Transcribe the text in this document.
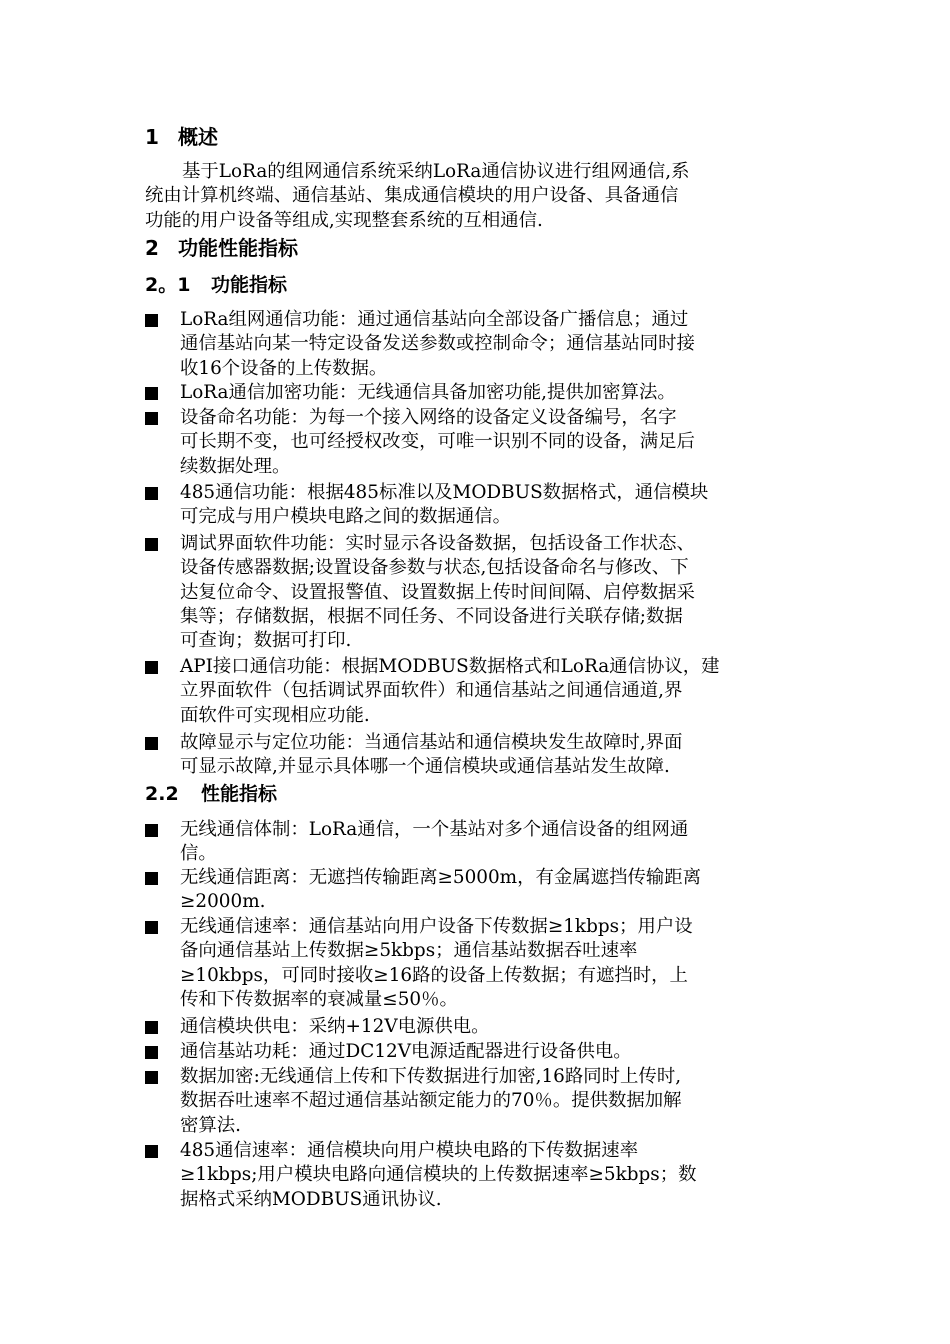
1 概述
基于LoRa的组网通信系统采纳LoRa通信协议进行组网通信,系
统由计算机终端、通信基站、集成通信模块的用户设备、具备通信
功能的用户设备等组成,实现整套系统的互相通信.
2 功能性能指标
2。1 功能指标
LoRa组网通信功能：通过通信基站向全部设备广播信息；通过
通信基站向某一特定设备发送参数或控制命令；通信基站同时接
收16个设备的上传数据。
LoRa通信加密功能：无线通信具备加密功能,提供加密算法。
设备命名功能：为每一个接入网络的设备定义设备编号，名字
可长期不变，也可经授权改变，可唯一识别不同的设备，满足后
续数据处理。
485通信功能：根据485标准以及MODBUS数据格式，通信模块
可完成与用户模块电路之间的数据通信。
调试界面软件功能：实时显示各设备数据，包括设备工作状态、
设备传感器数据;设置设备参数与状态,包括设备命名与修改、下
达复位命令、设置报警值、设置数据上传时间间隔、启停数据采
集等；存储数据，根据不同任务、不同设备进行关联存储;数据
可查询；数据可打印.
API接口通信功能：根据MODBUS数据格式和LoRa通信协议，建
立界面软件（包括调试界面软件）和通信基站之间通信通道,界
面软件可实现相应功能.
故障显示与定位功能：当通信基站和通信模块发生故障时,界面
可显示故障,并显示具体哪一个通信模块或通信基站发生故障.
2.2 性能指标
无线通信体制：LoRa通信，一个基站对多个通信设备的组网通
信。
无线通信距离：无遮挡传输距离≥5000m，有金属遮挡传输距离
≥2000m.
无线通信速率：通信基站向用户设备下传数据≥1kbps；用户设
备向通信基站上传数据≥5kbps；通信基站数据吞吐速率
≥10kbps，可同时接收≥16路的设备上传数据；有遮挡时，上
传和下传数据率的衰减量≤50％。
通信模块供电：采纳+12V电源供电。
通信基站功耗：通过DC12V电源适配器进行设备供电。
数据加密:无线通信上传和下传数据进行加密,16路同时上传时,
数据吞吐速率不超过通信基站额定能力的70％。提供数据加解
密算法.
485通信速率：通信模块向用户模块电路的下传数据速率
≥1kbps;用户模块电路向通信模块的上传数据速率≥5kbps；数
据格式采纳MODBUS通讯协议.
